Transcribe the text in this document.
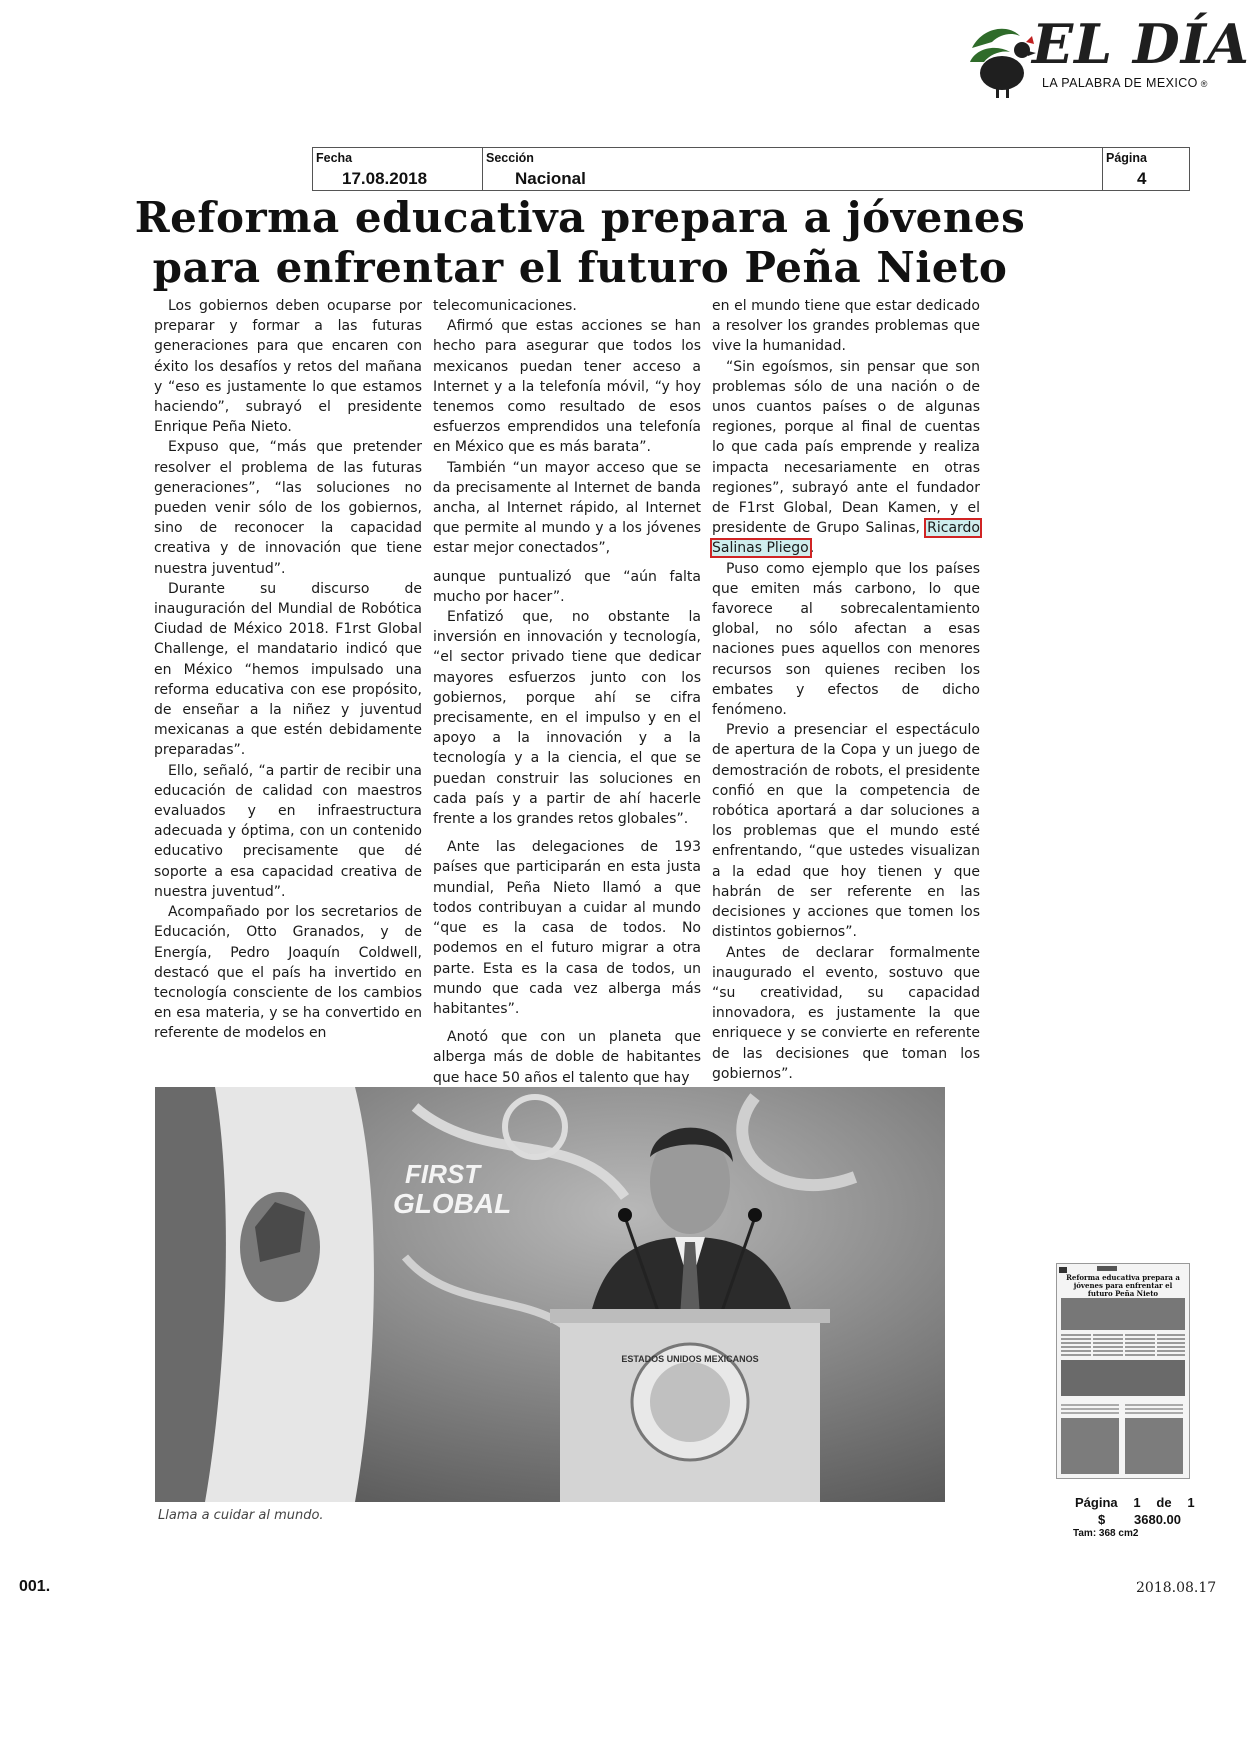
EL DÍA
LA PALABRA DE MEXICO ®
Fecha
17.08.2018
Sección
Nacional
Página
4
Reforma educativa prepara a jóvenes
para enfrentar el futuro Peña Nieto

Los gobiernos deben ocuparse por preparar y formar a las futuras generaciones para que encaren con éxito los desafíos y retos del mañana y “eso es justamente lo que estamos haciendo”, subrayó el presidente Enrique Peña Nieto.

Expuso que, “más que pretender resolver el problema de las futuras generaciones”, “las soluciones no pueden venir sólo de los gobiernos, sino de reconocer la capacidad creativa y de innovación que tiene nuestra juventud”.

Durante su discurso de inauguración del Mundial de Robótica Ciudad de México 2018. F1rst Global Challenge, el mandatario indicó que en México “hemos impulsado una reforma educativa con ese propósito, de enseñar a la niñez y juventud mexicanas a que estén debidamente preparadas”.

Ello, señaló, “a partir de recibir una educación de calidad con maestros evaluados y en infraestructura adecuada y óptima, con un contenido educativo precisamente que dé soporte a esa capacidad creativa de nuestra juventud”.

Acompañado por los secretarios de Educación, Otto Granados, y de Energía, Pedro Joaquín Coldwell, destacó que el país ha invertido en tecnología consciente de los cambios en esa materia, y se ha convertido en referente de modelos en

telecomunicaciones.

Afirmó que estas acciones se han hecho para asegurar que todos los mexicanos puedan tener acceso a Internet y a la telefonía móvil, “y hoy tenemos como resultado de esos esfuerzos emprendidos una telefonía en México que es más barata”.

También “un mayor acceso que se da precisamente al Internet de banda ancha, al Internet rápido, al Internet que permite al mundo y a los jóvenes estar mejor conectados”,

aunque puntualizó que “aún falta mucho por hacer”.

Enfatizó que, no obstante la inversión en innovación y tecnología, “el sector privado tiene que dedicar mayores esfuerzos junto con los gobiernos, porque ahí se cifra precisamente, en el impulso y en el apoyo a la innovación y a la tecnología y a la ciencia, el que se puedan construir las soluciones en cada país y a partir de ahí hacerle frente a los grandes retos globales”.

Ante las delegaciones de 193 países que participarán en esta justa mundial, Peña Nieto llamó a que todos contribuyan a cuidar al mundo “que es la casa de todos. No podemos en el futuro migrar a otra parte. Esta es la casa de todos, un mundo que cada vez alberga más habitantes”.

Anotó que con un planeta que alberga más de doble de habitantes que hace 50 años el talento que hay

en el mundo tiene que estar dedicado a resolver los grandes problemas que vive la humanidad.

“Sin egoísmos, sin pensar que son problemas sólo de una nación o de unos cuantos países o de algunas regiones, porque al final de cuentas lo que cada país emprende y realiza impacta necesariamente en otras regiones”, subrayó ante el fundador de F1rst Global, Dean Kamen, y el presidente de Grupo Salinas, Ricardo Salinas Pliego.

Puso como ejemplo que los países que emiten más carbono, lo que favorece al sobrecalentamiento global, no sólo afectan a esas naciones pues aquellos con menores recursos son quienes reciben los embates y efectos de dicho fenómeno.

Previo a presenciar el espectáculo de apertura de la Copa y un juego de demostración de robots, el presidente confió en que la competencia de robótica aportará a dar soluciones a los problemas que el mundo esté enfrentando, “que ustedes visualizan a la edad que hoy tienen y que habrán de ser referente en las decisiones y acciones que tomen los distintos gobiernos”.

Antes de declarar formalmente inaugurado el evento, sostuvo que “su creatividad, su capacidad innovadora, es justamente la que enriquece y se convierte en referente de las decisiones que toman los gobiernos”.

FIRST
GLOBAL
ESTADOS UNIDOS MEXICANOS
Llama a cuidar al mundo.
Reforma educativa prepara a jóvenes para enfrentar el futuro Peña Nieto
Página	1	de	1
$	3680.00
Tam: 368 cm2
001.	2018.08.17
